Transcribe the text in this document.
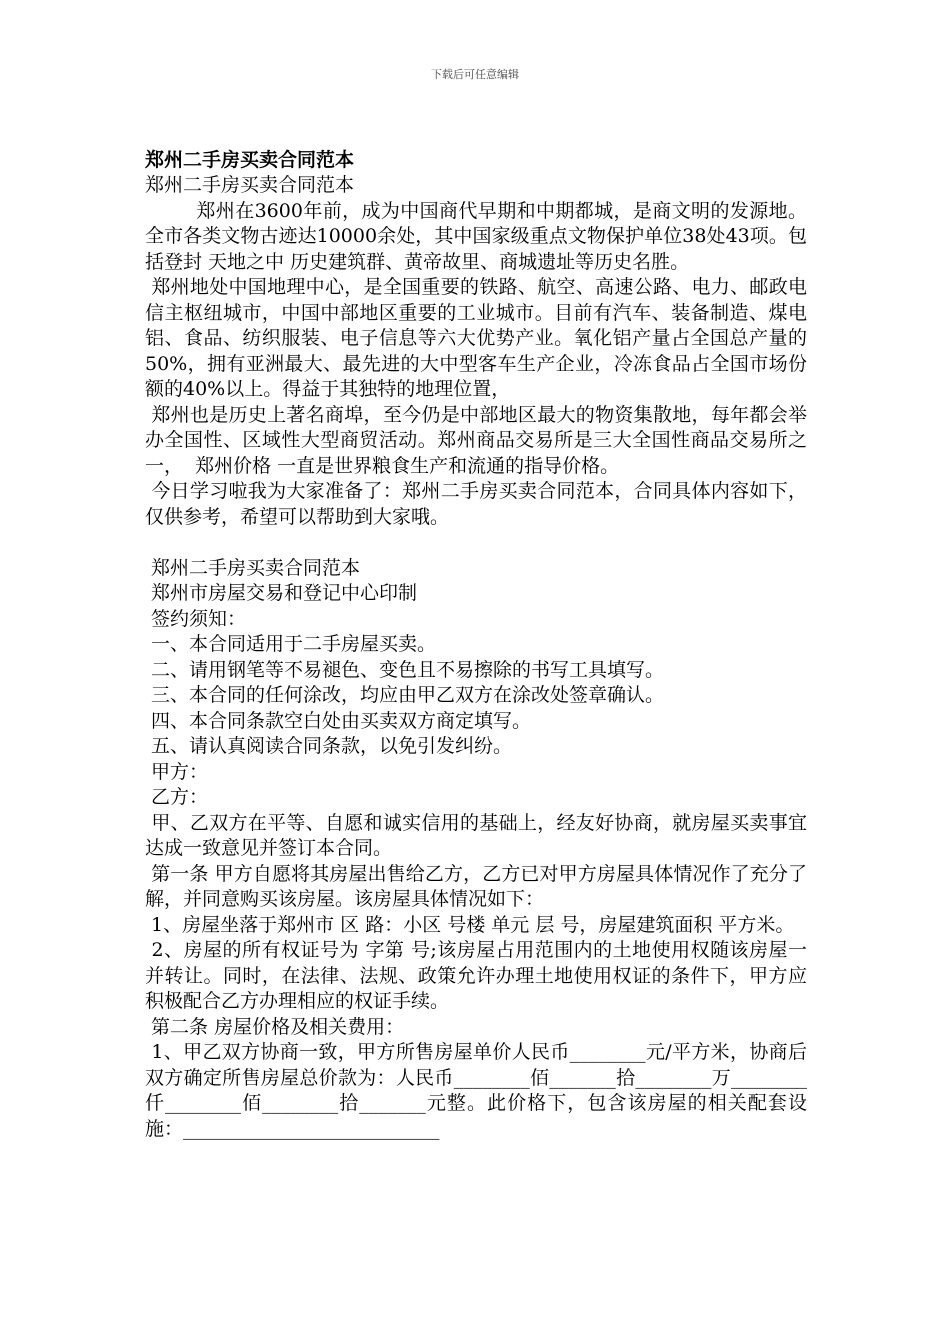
下载后可任意编辑

郑州二手房买卖合同范本

郑州二手房买卖合同范本

郑州在3600年前，成为中国商代早期和中期都城，是商文明的发源地。全市各类文物古迹达10000余处，其中国家级重点文物保护单位38处43项。包括登封 天地之中 历史建筑群、黄帝故里、商城遗址等历史名胜。

郑州地处中国地理中心，是全国重要的铁路、航空、高速公路、电力、邮政电信主枢纽城市，中国中部地区重要的工业城市。目前有汽车、装备制造、煤电铝、食品、纺织服装、电子信息等六大优势产业。氧化铝产量占全国总产量的50%，拥有亚洲最大、最先进的大中型客车生产企业，冷冻食品占全国市场份额的40%以上。得益于其独特的地理位置，

郑州也是历史上著名商埠，至今仍是中部地区最大的物资集散地，每年都会举办全国性、区域性大型商贸活动。郑州商品交易所是三大全国性商品交易所之一，  郑州价格 一直是世界粮食生产和流通的指导价格。

今日学习啦我为大家准备了：郑州二手房买卖合同范本，合同具体内容如下，仅供参考，希望可以帮助到大家哦。

郑州二手房买卖合同范本

郑州市房屋交易和登记中心印制

签约须知：

一、本合同适用于二手房屋买卖。

二、请用钢笔等不易褪色、变色且不易擦除的书写工具填写。

三、本合同的任何涂改，均应由甲乙双方在涂改处签章确认。

四、本合同条款空白处由买卖双方商定填写。

五、请认真阅读合同条款，以免引发纠纷。

甲方：

乙方：

甲、乙双方在平等、自愿和诚实信用的基础上，经友好协商，就房屋买卖事宜达成一致意见并签订本合同。

第一条 甲方自愿将其房屋出售给乙方，乙方已对甲方房屋具体情况作了充分了解，并同意购买该房屋。该房屋具体情况如下：

1、房屋坐落于郑州市 区 路：小区 号楼 单元 层 号，房屋建筑面积 平方米。

2、房屋的所有权证号为 字第 号;该房屋占用范围内的土地使用权随该房屋一并转让。同时，在法律、法规、政策允许办理土地使用权证的条件下，甲方应积极配合乙方办理相应的权证手续。

第二条 房屋价格及相关费用：

1、甲乙双方协商一致，甲方所售房屋单价人民币________元/平方米，协商后双方确定所售房屋总价款为：人民币________佰_______拾________万________仟________佰________拾_______元整。此价格下，包含该房屋的相关配套设施：___________________________
